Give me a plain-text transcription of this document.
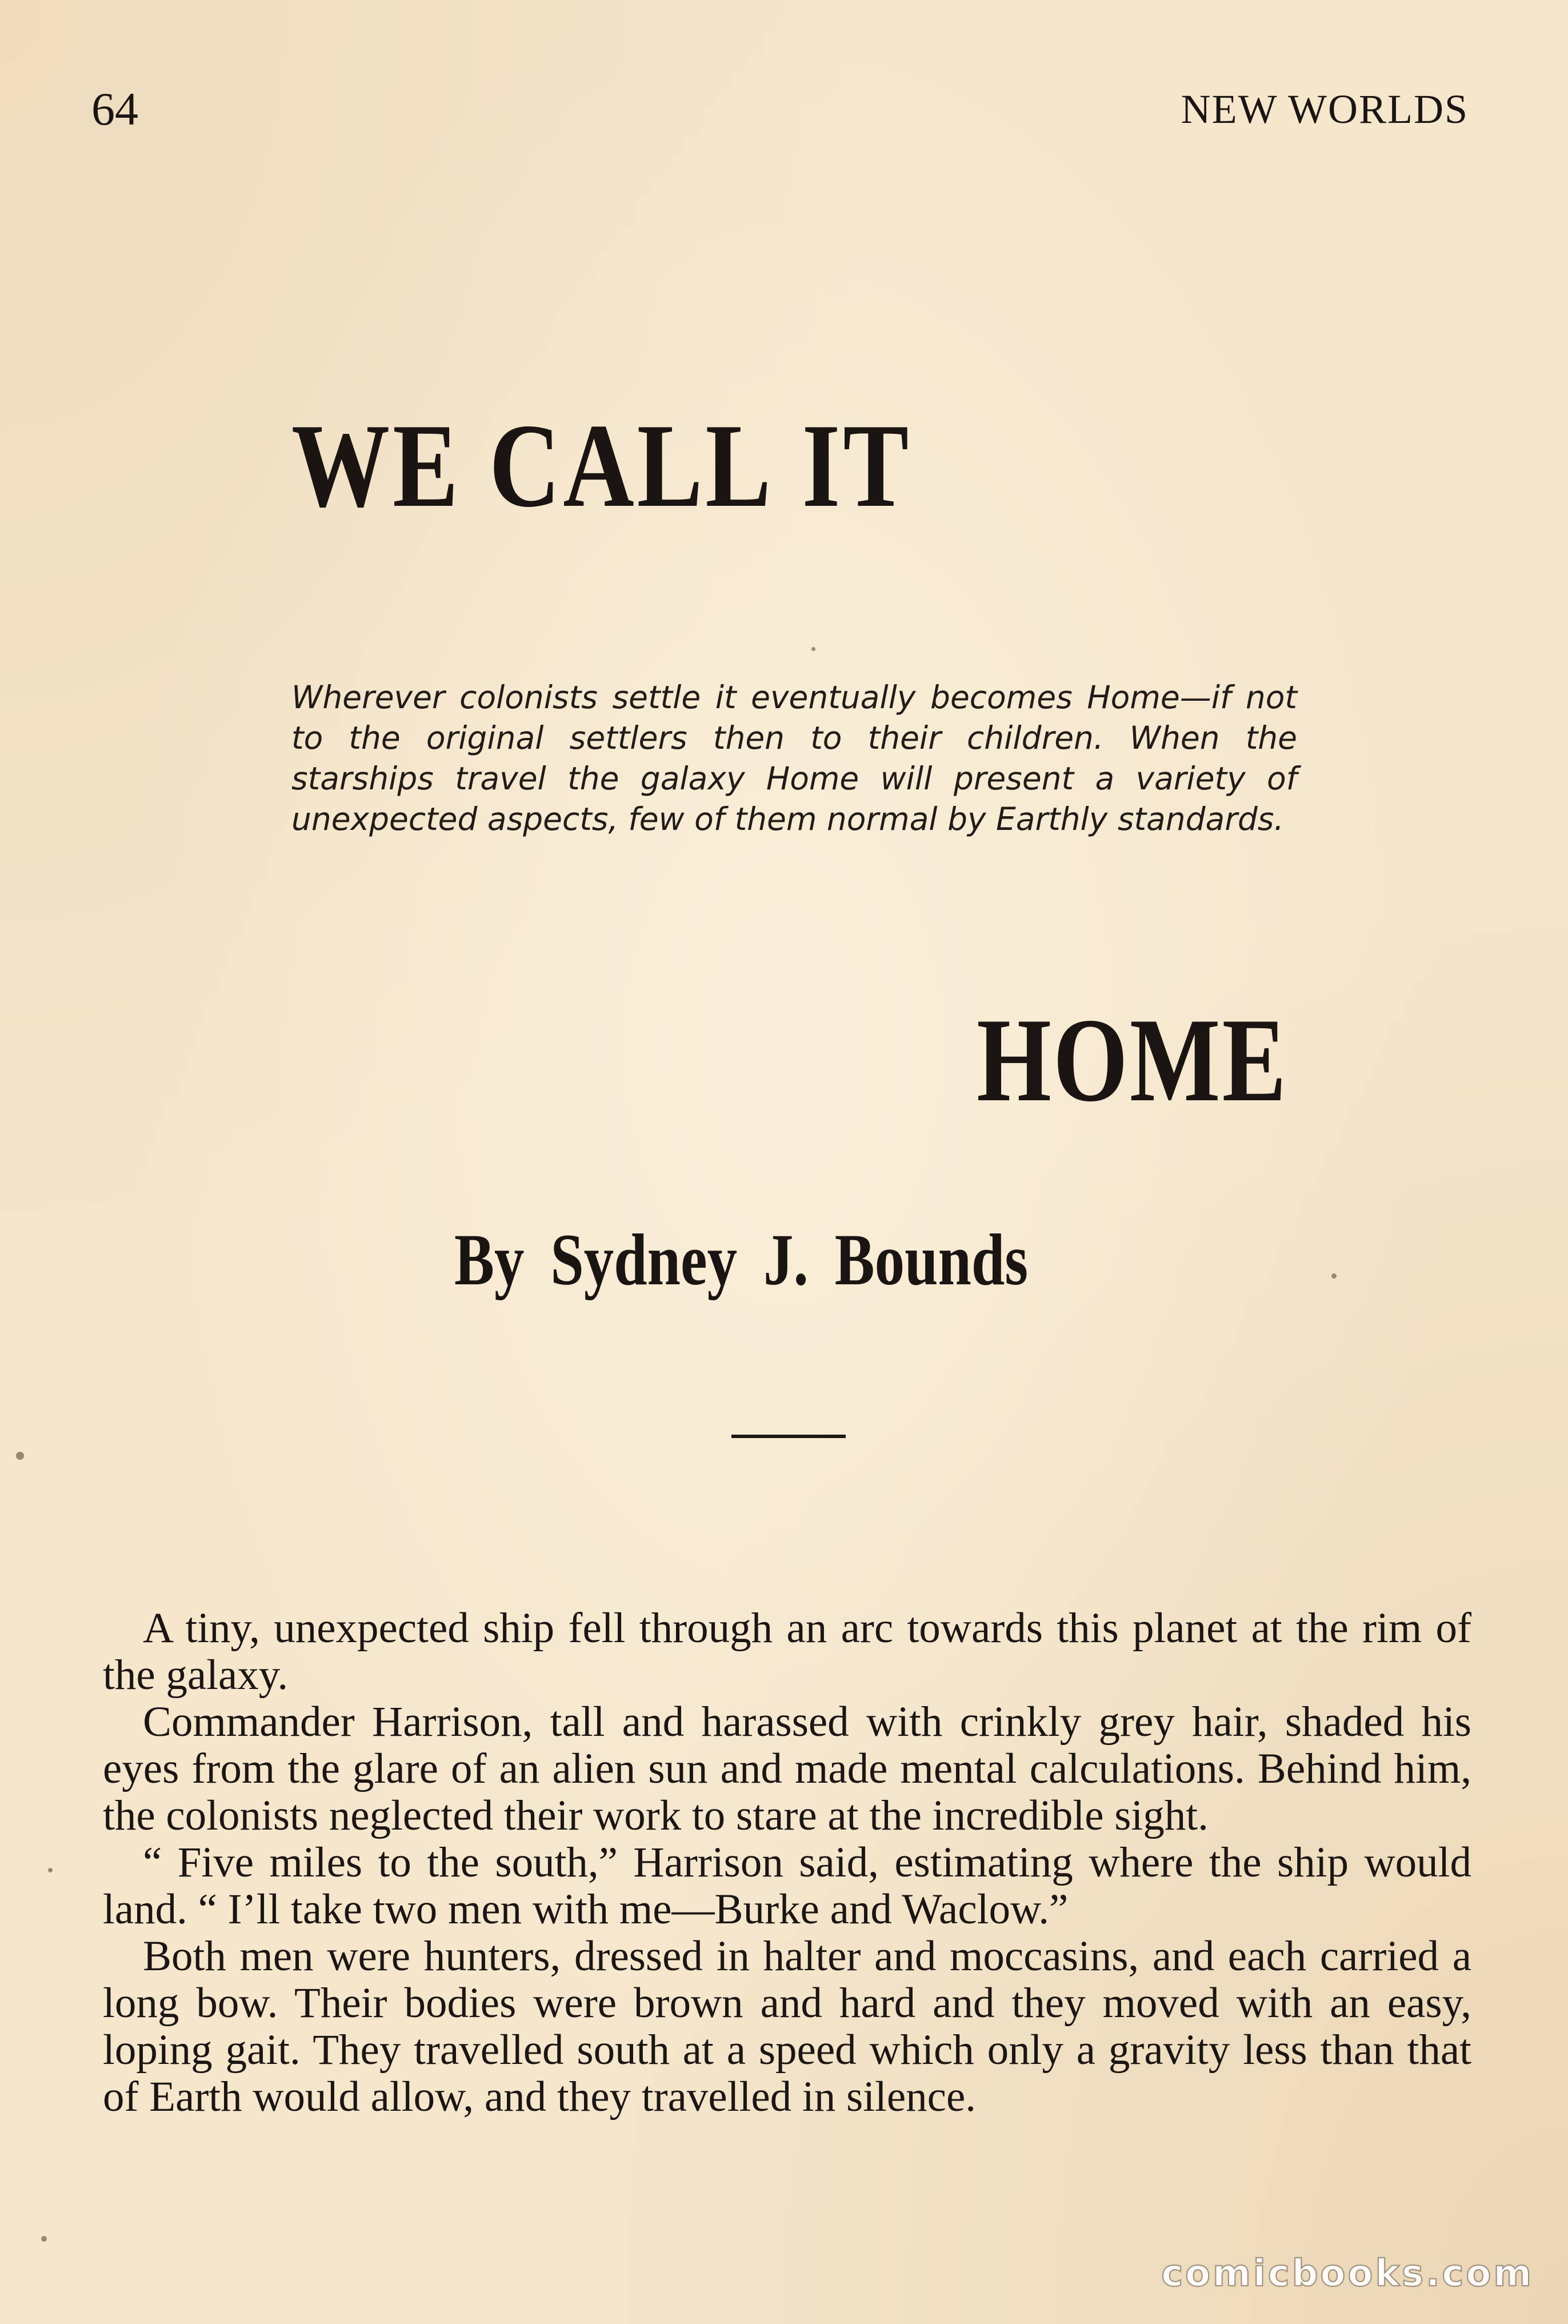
64	NEW WORLDS
WE CALL IT
Wherever colonists settle it eventually becomes Home—if not to the original settlers then to their children. When the starships travel the galaxy Home will present a variety of unexpected aspects, few of them normal by Earthly standards.
HOME
By Sydney J. Bounds

A tiny, unexpected ship fell through an arc towards this planet at the rim of the galaxy.

Commander Harrison, tall and harassed with crinkly grey hair, shaded his eyes from the glare of an alien sun and made mental calculations. Behind him, the colonists neglected their work to stare at the incredible sight.

“ Five miles to the south,” Harrison said, estimating where the ship would land. “ I’ll take two men with me—Burke and Waclow.”

Both men were hunters, dressed in halter and moccasins, and each carried a long bow. Their bodies were brown and hard and they moved with an easy, loping gait. They travelled south at a speed which only a gravity less than that of Earth would allow, and they travelled in silence.

comicbooks.com
